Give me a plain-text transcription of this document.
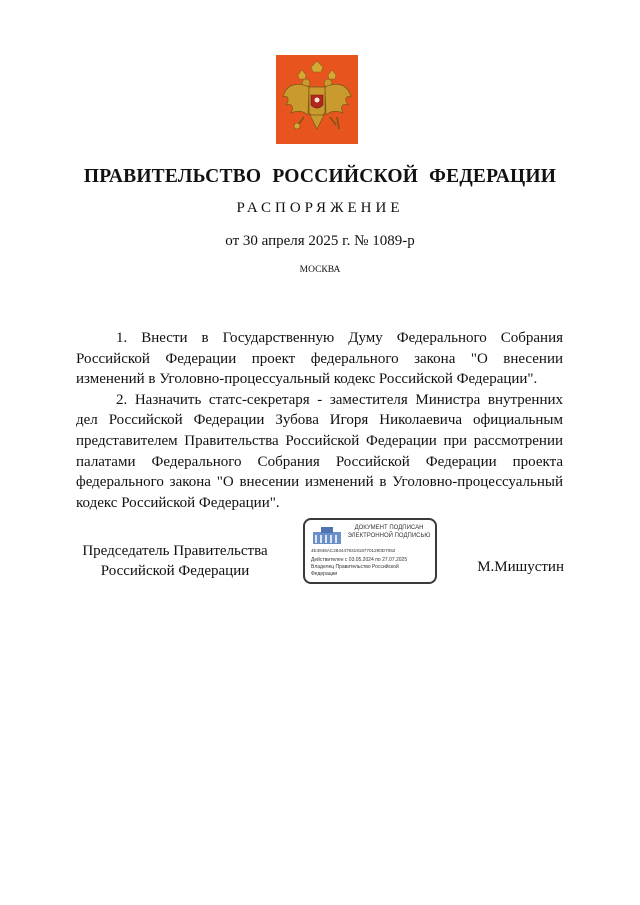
ПРАВИТЕЛЬСТВО РОССИЙСКОЙ ФЕДЕРАЦИИ
РАСПОРЯЖЕНИЕ
от 30 апреля 2025 г. № 1089-р
МОСКВА

1. Внести в Государственную Думу Федерального Собрания Российской Федерации проект федерального закона "О внесении изменений в Уголовно-процессуальный кодекс Российской Федерации".

2. Назначить статс-секретаря - заместителя Министра внутренних дел Российской Федерации Зубова Игоря Николаевича официальным представителем Правительства Российской Федерации при рассмотрении палатами Федерального Собрания Российской Федерации проекта федерального закона "О внесении изменений в Уголовно-процессуальный кодекс Российской Федерации".

Председатель Правительства
Российской Федерации
ДОКУМЕНТ ПОДПИСАН
ЭЛЕКТРОННОЙ ПОДПИСЬЮ
4E4948AC2844479319187701290D7062
Действителен с 03.05.2024 по 27.07.2025
Владелец Правительство Российской Федерации	М.Мишустин
